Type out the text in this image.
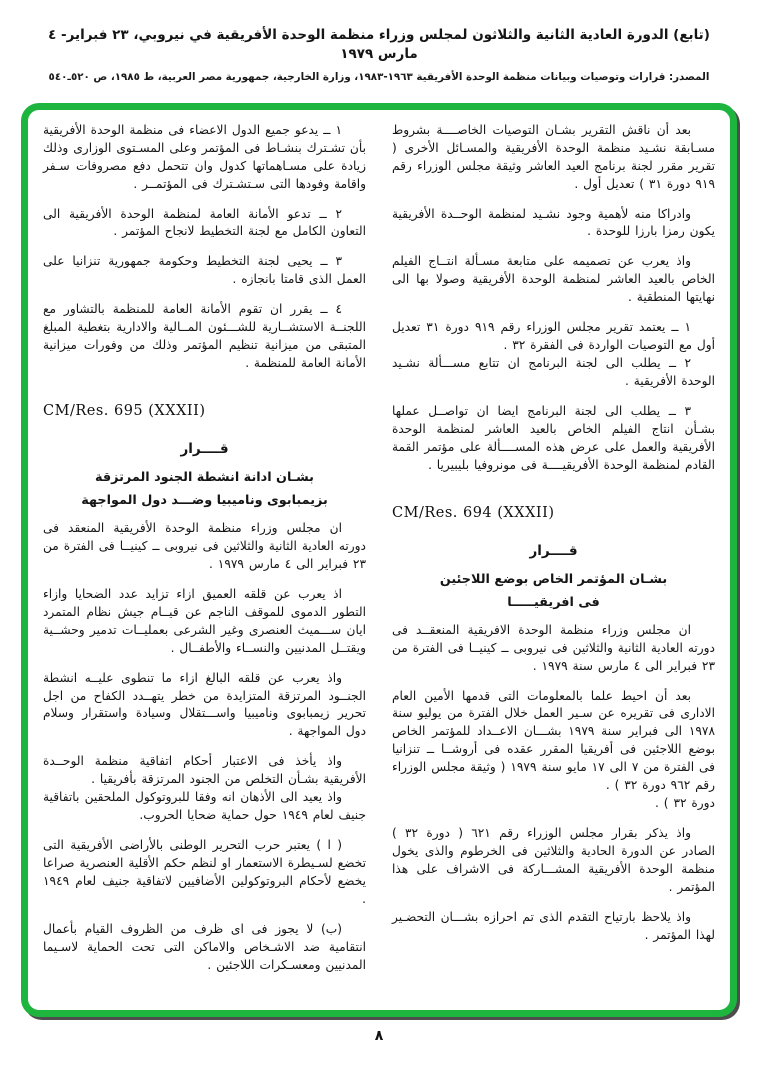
(تابع) الدورة العادية الثانية والثلاثون لمجلس وزراء منظمة الوحدة الأفريقية في نيروبي، ٢٣ فبراير- ٤ مارس ١٩٧٩
المصدر: قرارات وتوصيات وبيانات منظمة الوحدة الأفريقية ١٩٦٣-١٩٨٣، وزارة الخارجية، جمهورية مصر العربية، ط ١٩٨٥، ص ٥٢٠ـ٥٤٠

بعد أن ناقش التقرير بشـان التوصيات الخاصــــة بشروط مسـابقة نشـيد منظمة الوحدة الأفريقية والمسـائل الأخرى ( تقرير مقرر لجنة برنامج العيد العاشر وثيقة مجلس الوزراء رقم ٩١٩ دورة ٣١ ) تعديل أول .

وادراكا منه لأهمية وجود نشـيد لمنظمة الوحــدة الأفريقية يكون رمزا بارزا للوحدة .

واذ يعرب عن تصميمه على متابعة مسـألة انتــاج الفيلم الخاص بالعيد العاشر لمنظمة الوحدة الأفريقية وصولا بها الى نهايتها المنطقية .

١ ــ يعتمد تقرير مجلس الوزراء رقم ٩١٩ دورة ٣١ تعديل أول مع التوصيات الواردة فى الفقرة ٣٢ .

٢ ــ يطلب الى لجنة البرنامج ان تتابع مســـألة نشـيد الوحدة الأفريقية .

٣ ــ يطلب الى لجنة البرنامج ايضا ان تواصــل عملها بشـأن انتاج الفيلم الخاص بالعيد العاشر لمنظمة الوحدة الأفريقية والعمل على عرض هذه المســــألة على مؤتمر القمة القادم لمنظمة الوحدة الأفريقيــــة فى مونروفيا بليبيريا .

CM/Res. 694 (XXXII)
قــــرار
بشـان المؤتمر الخاص بوضع اللاجئين
فى افريقيـــــا

ان مجلس وزراء منظمة الوحدة الافريقية المنعقــد فى دورته العادية الثانية والثلاثين فى نيروبى ــ كينيــا فى الفترة من ٢٣ فبراير الى ٤ مارس سنة ١٩٧٩ .

بعد أن احيط علما بالمعلومات التى قدمها الأمين العام الادارى فى تقريره عن سـير العمل خلال الفترة من يوليو سنة ١٩٧٨ الى فبراير سنة ١٩٧٩ بشـــان الاعــداد للمؤتمر الخاص بوضع اللاجئين فى أفريقيا المقرر عقده فى أروشــا ــ تنزانيا فى الفترة من ٧ الى ١٧ مايو سنة ١٩٧٩ ( وثيقة مجلس الوزراء رقم ٩٦٢ دورة ٣٢ ) .

دورة ٣٢ ) .

واذ يذكر بقرار مجلس الوزراء رقم ٦٢١ ( دورة ٣٢ ) الصادر عن الدورة الحادية والثلاثين فى الخرطوم والذى يخول منظمة الوحدة الأفريقية المشـــاركة فى الاشراف على هذا المؤتمر .

واذ يلاحظ بارتياح التقدم الذى تم احرازه بشـــان التحضـير لهذا المؤتمر .

١ ــ يدعو جميع الدول الاعضاء فى منظمة الوحدة الأفريقية بأن تشـترك بنشـاط فى المؤتمر وعلى المسـتوى الوزارى وذلك زيادة على مسـاهماتها كدول وان تتحمل دفع مصروفات سـفر واقامة وفودها التى سـتشـترك فى المؤتمــر .

٢ ــ تدعو الأمانة العامة لمنظمة الوحدة الأفريقية الى التعاون الكامل مع لجنة التخطيط لانجاح المؤتمر .

٣ ــ يحيى لجنة التخطيط وحكومة جمهورية تنزانيا على العمل الذى قامتا بانجازه .

٤ ــ يقرر ان تقوم الأمانة العامة للمنظمة بالتشاور مع اللجنــة الاستشــارية للشـــئون المــالية والادارية بتغطية المبلغ المتبقى من ميزانية تنظيم المؤتمر وذلك من وفورات ميزانية الأمانة العامة للمنظمة .

CM/Res. 695 (XXXII)
قــــرار
بشـان ادانة انشطة الجنود المرتزقة
بزيمبابوى وناميبيا وضـــد دول المواجهة

ان مجلس وزراء منظمة الوحدة الأفريقية المنعقد فى دورته العادية الثانية والثلاثين فى نيروبى ــ كينيــا فى الفترة من ٢٣ فبراير الى ٤ مارس ١٩٧٩ .

اذ يعرب عن قلقه العميق ازاء تزايد عدد الضحايا وازاء التطور الدموى للموقف الناجم عن قيــام جيش نظام المتمرد ايان ســـميث العنصرى وغير الشرعى بعمليــات تدمير وحشــية ويقتــل المدنيين والنســاء والأطفــال .

واذ يعرب عن قلقه البالغ ازاء ما تنطوى عليــه انشطة الجنــود المرتزقة المتزايدة من خطر يتهــدد الكفاح من اجل تحرير زيمبابوى وناميبيا واســـتقلال وسيادة واستقرار وسلام دول المواجهة .

واذ يأخذ فى الاعتبار أحكام اتفاقية منظمة الوحــدة الأفريقية بشـأن التخلص من الجنود المرتزقة بأفريقيا .

واذ يعيد الى الأذهان انه وفقا للبروتوكول الملحقين باتفاقية جنيف لعام ١٩٤٩ حول حماية ضحايا الحروب.

( ا ) يعتبر حرب التحرير الوطنى بالأراضى الأفريقية التى تخضع لسـيطرة الاستعمار او لنظم حكم الأقلية العنصرية صراعا يخضع لأحكام البروتوكولين الأضافيين لاتفاقية جنيف لعام ١٩٤٩ .

(ب) لا يجوز فى اى ظرف من الظروف القيام بأعمال انتقامية ضد الاشـخاص والاماكن التى تحت الحماية لاسـيما المدنيين ومعسـكرات اللاجئين .

٨
